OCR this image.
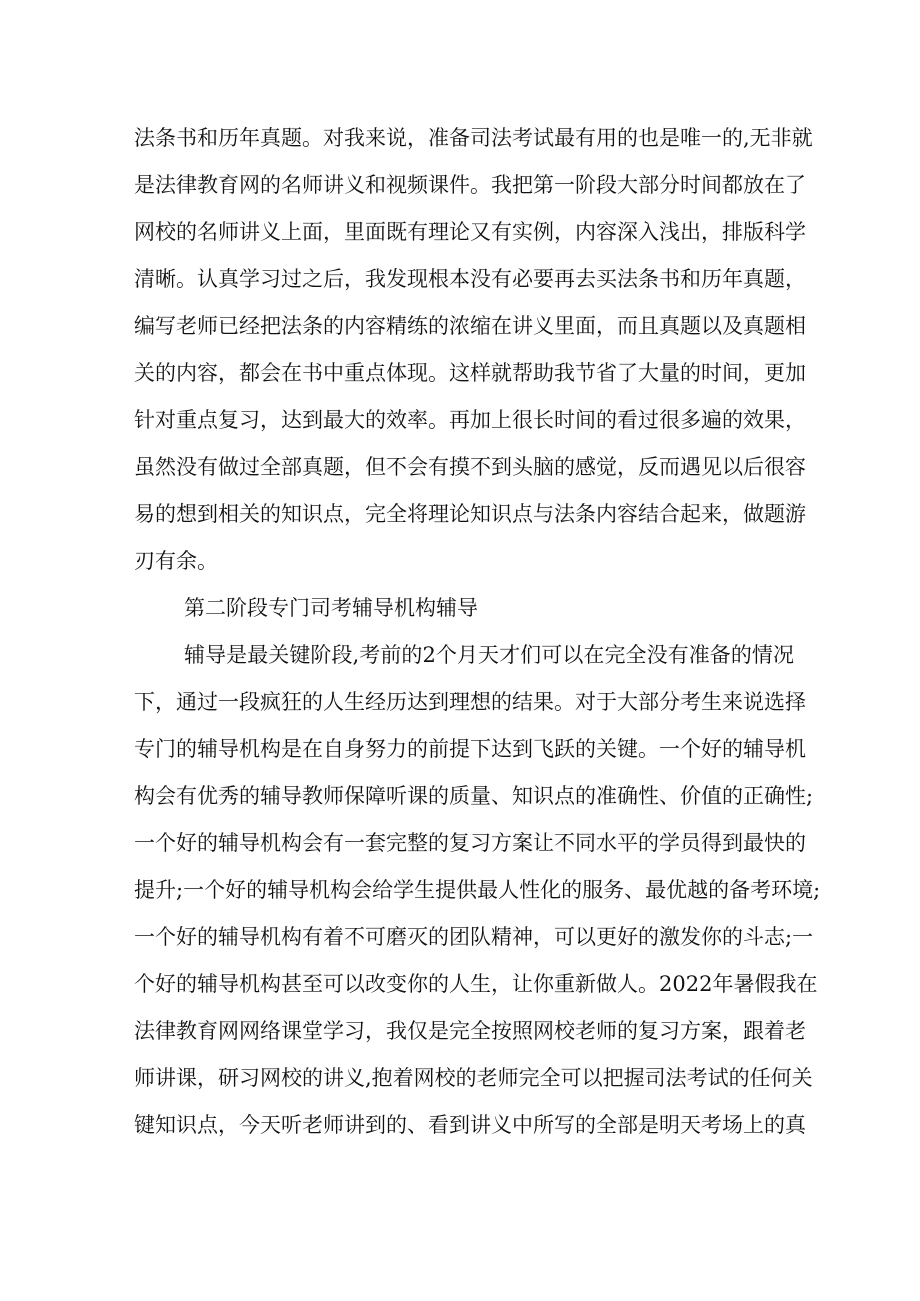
法条书和历年真题。对我来说，准备司法考试最有用的也是唯一的,无非就
是法律教育网的名师讲义和视频课件。我把第一阶段大部分时间都放在了
网校的名师讲义上面，里面既有理论又有实例，内容深入浅出，排版科学
清晰。认真学习过之后，我发现根本没有必要再去买法条书和历年真题，
编写老师已经把法条的内容精练的浓缩在讲义里面，而且真题以及真题相
关的内容，都会在书中重点体现。这样就帮助我节省了大量的时间，更加
针对重点复习，达到最大的效率。再加上很长时间的看过很多遍的效果，
虽然没有做过全部真题，但不会有摸不到头脑的感觉，反而遇见以后很容
易的想到相关的知识点，完全将理论知识点与法条内容结合起来，做题游
刃有余。
第二阶段专门司考辅导机构辅导
辅导是最关键阶段,考前的2个月天才们可以在完全没有准备的情况
下，通过一段疯狂的人生经历达到理想的结果。对于大部分考生来说选择
专门的辅导机构是在自身努力的前提下达到飞跃的关键。一个好的辅导机
构会有优秀的辅导教师保障听课的质量、知识点的准确性、价值的正确性;
一个好的辅导机构会有一套完整的复习方案让不同水平的学员得到最快的
提升;一个好的辅导机构会给学生提供最人性化的服务、最优越的备考环境;
一个好的辅导机构有着不可磨灭的团队精神，可以更好的激发你的斗志;一
个好的辅导机构甚至可以改变你的人生，让你重新做人。2022年暑假我在
法律教育网网络课堂学习，我仅是完全按照网校老师的复习方案，跟着老
师讲课，研习网校的讲义,抱着网校的老师完全可以把握司法考试的任何关
键知识点，今天听老师讲到的、看到讲义中所写的全部是明天考场上的真
